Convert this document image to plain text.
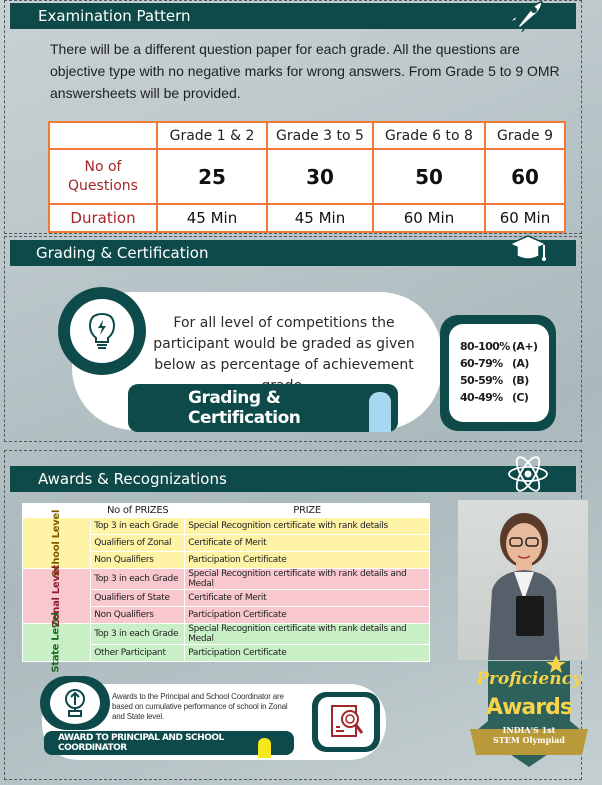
Examination Pattern

There will be a different question paper for each grade. All the questions are objective type with no negative marks for wrong answers. From Grade 5 to 9 OMR answersheets will be provided.

	Grade 1 & 2	Grade 3 to 5	Grade 6 to 8	Grade 9
No of Questions	25	30	50	60
Duration	45 Min	45 Min	60 Min	60 Min
Grading & Certification

For all level of competitions the participant would be graded as given below as percentage of achievement

Grading & Certification
80-100% (A+)
60-79% (A)
50-59% (B)
40-49% (C)
Awards & Recognizations
	No of PRIZES	PRIZE
School Level	Top 3 in each Grade	Special Recognition certificate with rank details
	Qualifiers of Zonal	Certificate of Merit
	Non Qualifiers	Participation Certificate
Zonal Level	Top 3 in each Grade	Special Recognition certificate with rank details and Medal
	Qualifiers of State	Certificate of Merit
	Non Qualifiers	Participation Certificate
State Level	Top 3 in each Grade	Special Recognition certificate with rank details and Medal
	Other Participant	Participation Certificate

Awards to the Principal and School Coordinator are based on cumulative performance of school in Zonal and State level.

AWARD TO PRINCIPAL AND SCHOOL COORDINATOR
Proficiency
Awards
INDIA'S 1st
STEM Olympiad
